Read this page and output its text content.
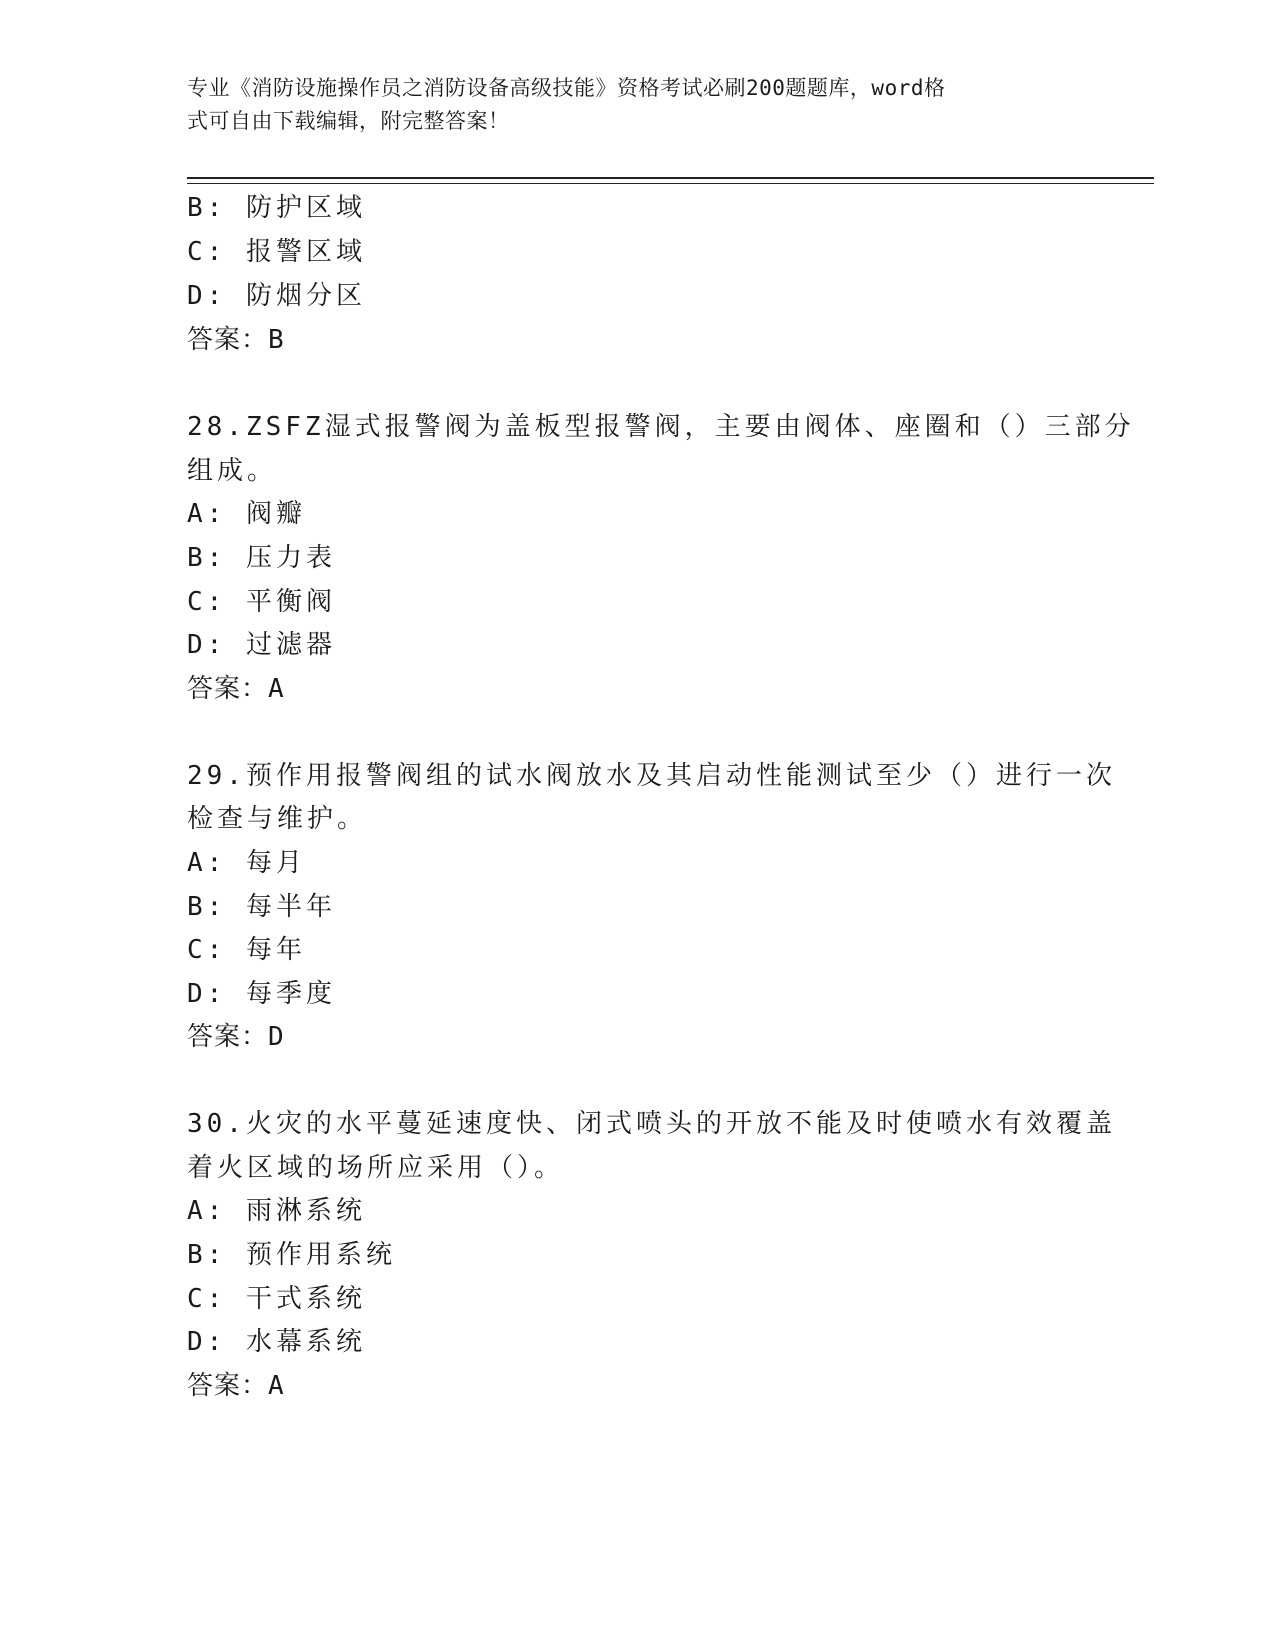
专业《消防设施操作员之消防设备高级技能》资格考试必刷200题题库，word格
式可自由下载编辑，附完整答案！
B: 防护区域
C: 报警区域
D: 防烟分区
答案：B
28.ZSFZ湿式报警阀为盖板型报警阀，主要由阀体、座圈和（）三部分
组成。
A: 阀瓣
B: 压力表
C: 平衡阀
D: 过滤器
答案：A
29.预作用报警阀组的试水阀放水及其启动性能测试至少（）进行一次
检查与维护。
A: 每月
B: 每半年
C: 每年
D: 每季度
答案：D
30.火灾的水平蔓延速度快、闭式喷头的开放不能及时使喷水有效覆盖
着火区域的场所应采用（）。
A: 雨淋系统
B: 预作用系统
C: 干式系统
D: 水幕系统
答案：A
